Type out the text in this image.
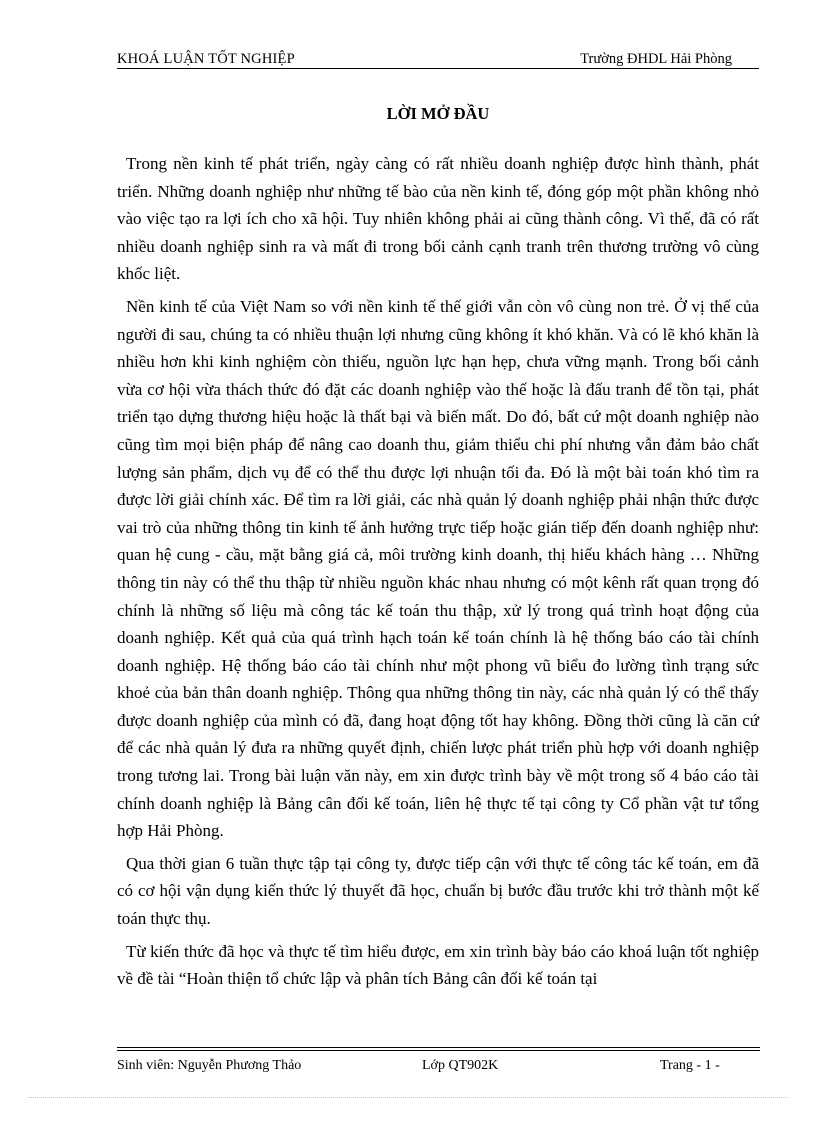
KHOÁ LUẬN TỐT NGHIỆP	Trường ĐHDL Hải Phòng
LỜI MỞ ĐẦU

Trong nền kinh tế phát triển, ngày càng có rất nhiều doanh nghiệp được hình thành, phát triển. Những doanh nghiệp như những tế bào của nền kinh tế, đóng góp một phần không nhỏ vào việc tạo ra lợi ích cho xã hội. Tuy nhiên không phải ai cũng thành công. Vì thế, đã có rất nhiều doanh nghiệp sinh ra và mất đi trong bối cảnh cạnh tranh trên thương trường vô cùng khốc liệt.

Nền kinh tế của Việt Nam so với nền kinh tế thế giới vẫn còn vô cùng non trẻ. Ở vị thế của người đi sau, chúng ta có nhiều thuận lợi nhưng cũng không ít khó khăn. Và có lẽ khó khăn là nhiều hơn khi kinh nghiệm còn thiếu, nguồn lực hạn hẹp, chưa vững mạnh. Trong bối cảnh vừa cơ hội vừa thách thức đó đặt các doanh nghiệp vào thế hoặc là đấu tranh để tồn tại, phát triển tạo dựng thương hiệu hoặc là thất bại và biến mất. Do đó, bất cứ một doanh nghiệp nào cũng tìm mọi biện pháp để nâng cao doanh thu, giảm thiểu chi phí nhưng vẫn đảm bảo chất lượng sản phẩm, dịch vụ để có thể thu được lợi nhuận tối đa. Đó là một bài toán khó tìm ra được lời giải chính xác. Để tìm ra lời giải, các nhà quản lý doanh nghiệp phải nhận thức được vai trò của những thông tin kinh tế ảnh hưởng trực tiếp hoặc gián tiếp đến doanh nghiệp như: quan hệ cung - cầu, mặt bằng giá cả, môi trường kinh doanh, thị hiếu khách hàng … Những thông tin này có thể thu thập từ nhiều nguồn khác nhau nhưng có một kênh rất quan trọng đó chính là những số liệu mà công tác kế toán thu thập, xử lý trong quá trình hoạt động của doanh nghiệp. Kết quả của quá trình hạch toán kế toán chính là hệ thống báo cáo tài chính doanh nghiệp. Hệ thống báo cáo tài chính như một phong vũ biểu đo lường tình trạng sức khoẻ của bản thân doanh nghiệp. Thông qua những thông tin này, các nhà quản lý có thể thấy được doanh nghiệp của mình có đã, đang hoạt động tốt hay không. Đồng thời cũng là căn cứ để các nhà quản lý đưa ra những quyết định, chiến lược phát triển phù hợp với doanh nghiệp trong tương lai. Trong bài luận văn này, em xin được trình bày về một trong số 4 báo cáo tài chính doanh nghiệp là Bảng cân đối kế toán, liên hệ thực tế tại công ty Cổ phần vật tư tổng hợp Hải Phòng.

Qua thời gian 6 tuần thực tập tại công ty, được tiếp cận với thực tế công tác kế toán, em đã có cơ hội vận dụng kiến thức lý thuyết đã học, chuẩn bị bước đầu trước khi trở thành một kế toán thực thụ.

Từ kiến thức đã học và thực tế tìm hiểu được, em xin trình bày báo cáo khoá luận tốt nghiệp về đề tài “Hoàn thiện tổ chức lập và phân tích Bảng cân đối kế toán tại

Sinh viên: Nguyễn Phương Thảo	Lớp QT902K	Trang - 1 -
